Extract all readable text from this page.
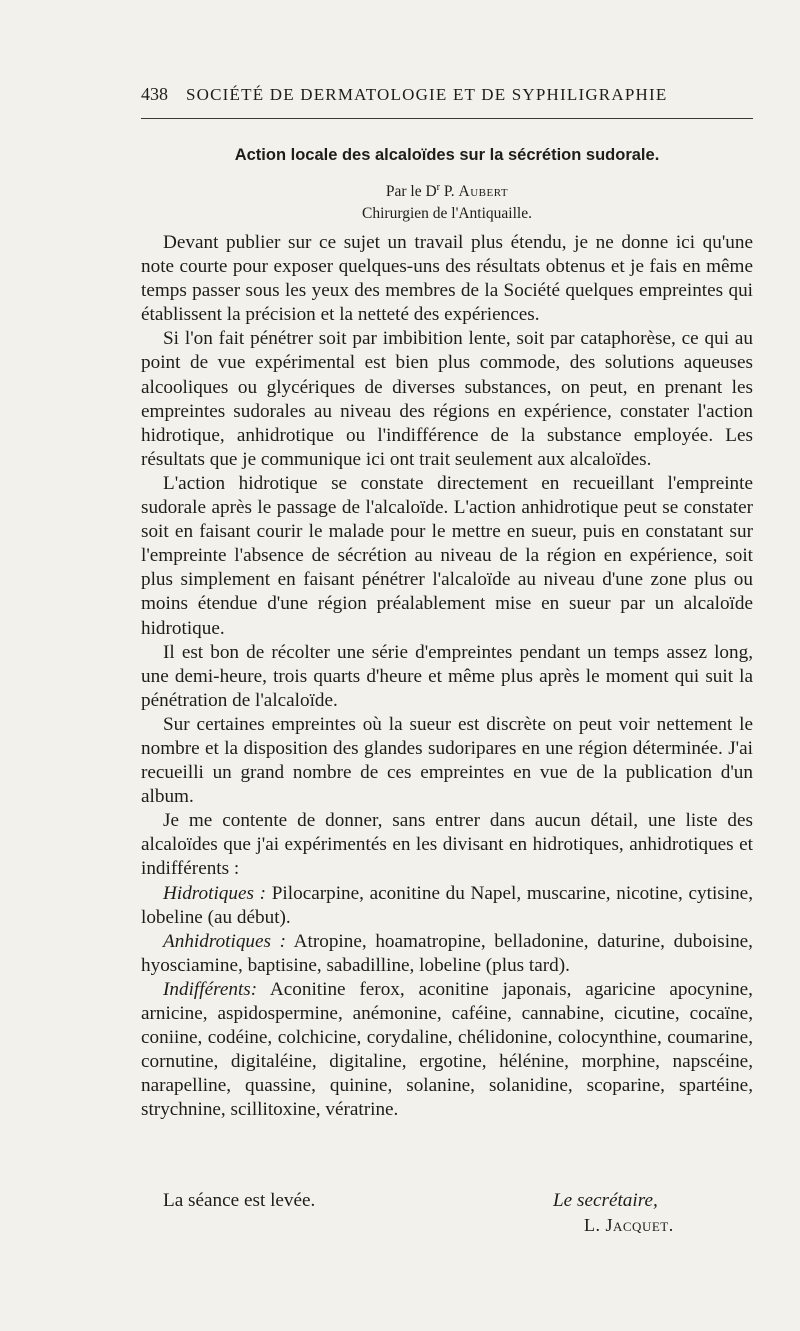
438 SOCIÉTÉ DE DERMATOLOGIE ET DE SYPHILIGRAPHIE
Action locale des alcaloïdes sur la sécrétion sudorale.
Par le $D^r$ P. Aubert
Chirurgien de l'Antiquaille.

Devant publier sur ce sujet un travail plus étendu, je ne donne ici qu'une note courte pour exposer quelques-uns des résultats obtenus et je fais en même temps passer sous les yeux des membres de la Société quelques empreintes qui établissent la précision et la netteté des expériences.

Si l'on fait pénétrer soit par imbibition lente, soit par cataphorèse, ce qui au point de vue expérimental est bien plus commode, des solutions aqueuses alcooliques ou glycériques de diverses substances, on peut, en prenant les empreintes sudorales au niveau des régions en expérience, constater l'action hidrotique, anhidrotique ou l'indifférence de la substance employée. Les résultats que je communique ici ont trait seulement aux alcaloïdes.

L'action hidrotique se constate directement en recueillant l'empreinte sudorale après le passage de l'alcaloïde. L'action anhidrotique peut se constater soit en faisant courir le malade pour le mettre en sueur, puis en constatant sur l'empreinte l'absence de sécrétion au niveau de la région en expérience, soit plus simplement en faisant pénétrer l'alcaloïde au niveau d'une zone plus ou moins étendue d'une région préalablement mise en sueur par un alcaloïde hidrotique.

Il est bon de récolter une série d'empreintes pendant un temps assez long, une demi-heure, trois quarts d'heure et même plus après le moment qui suit la pénétration de l'alcaloïde.

Sur certaines empreintes où la sueur est discrète on peut voir nettement le nombre et la disposition des glandes sudoripares en une région déterminée. J'ai recueilli un grand nombre de ces empreintes en vue de la publication d'un album.

Je me contente de donner, sans entrer dans aucun détail, une liste des alcaloïdes que j'ai expérimentés en les divisant en hidrotiques, anhidrotiques et indifférents :

Hidrotiques : Pilocarpine, aconitine du Napel, muscarine, nicotine, cytisine, lobeline (au début).

Anhidrotiques : Atropine, hoamatropine, belladonine, daturine, duboisine, hyosciamine, baptisine, sabadilline, lobeline (plus tard).

Indifférents: Aconitine ferox, aconitine japonais, agaricine apocynine, arnicine, aspidospermine, anémonine, caféine, cannabine, cicutine, cocaïne, coniine, codéine, colchicine, corydaline, chélidonine, colocynthine, coumarine, cornutine, digitaléine, digitaline, ergotine, hélénine, morphine, napscéine, narapelline, quassine, quinine, solanine, solanidine, scoparine, spartéine, strychnine, scillitoxine, vératrine.

La séance est levée.	Le secrétaire,
L. Jacquet.
